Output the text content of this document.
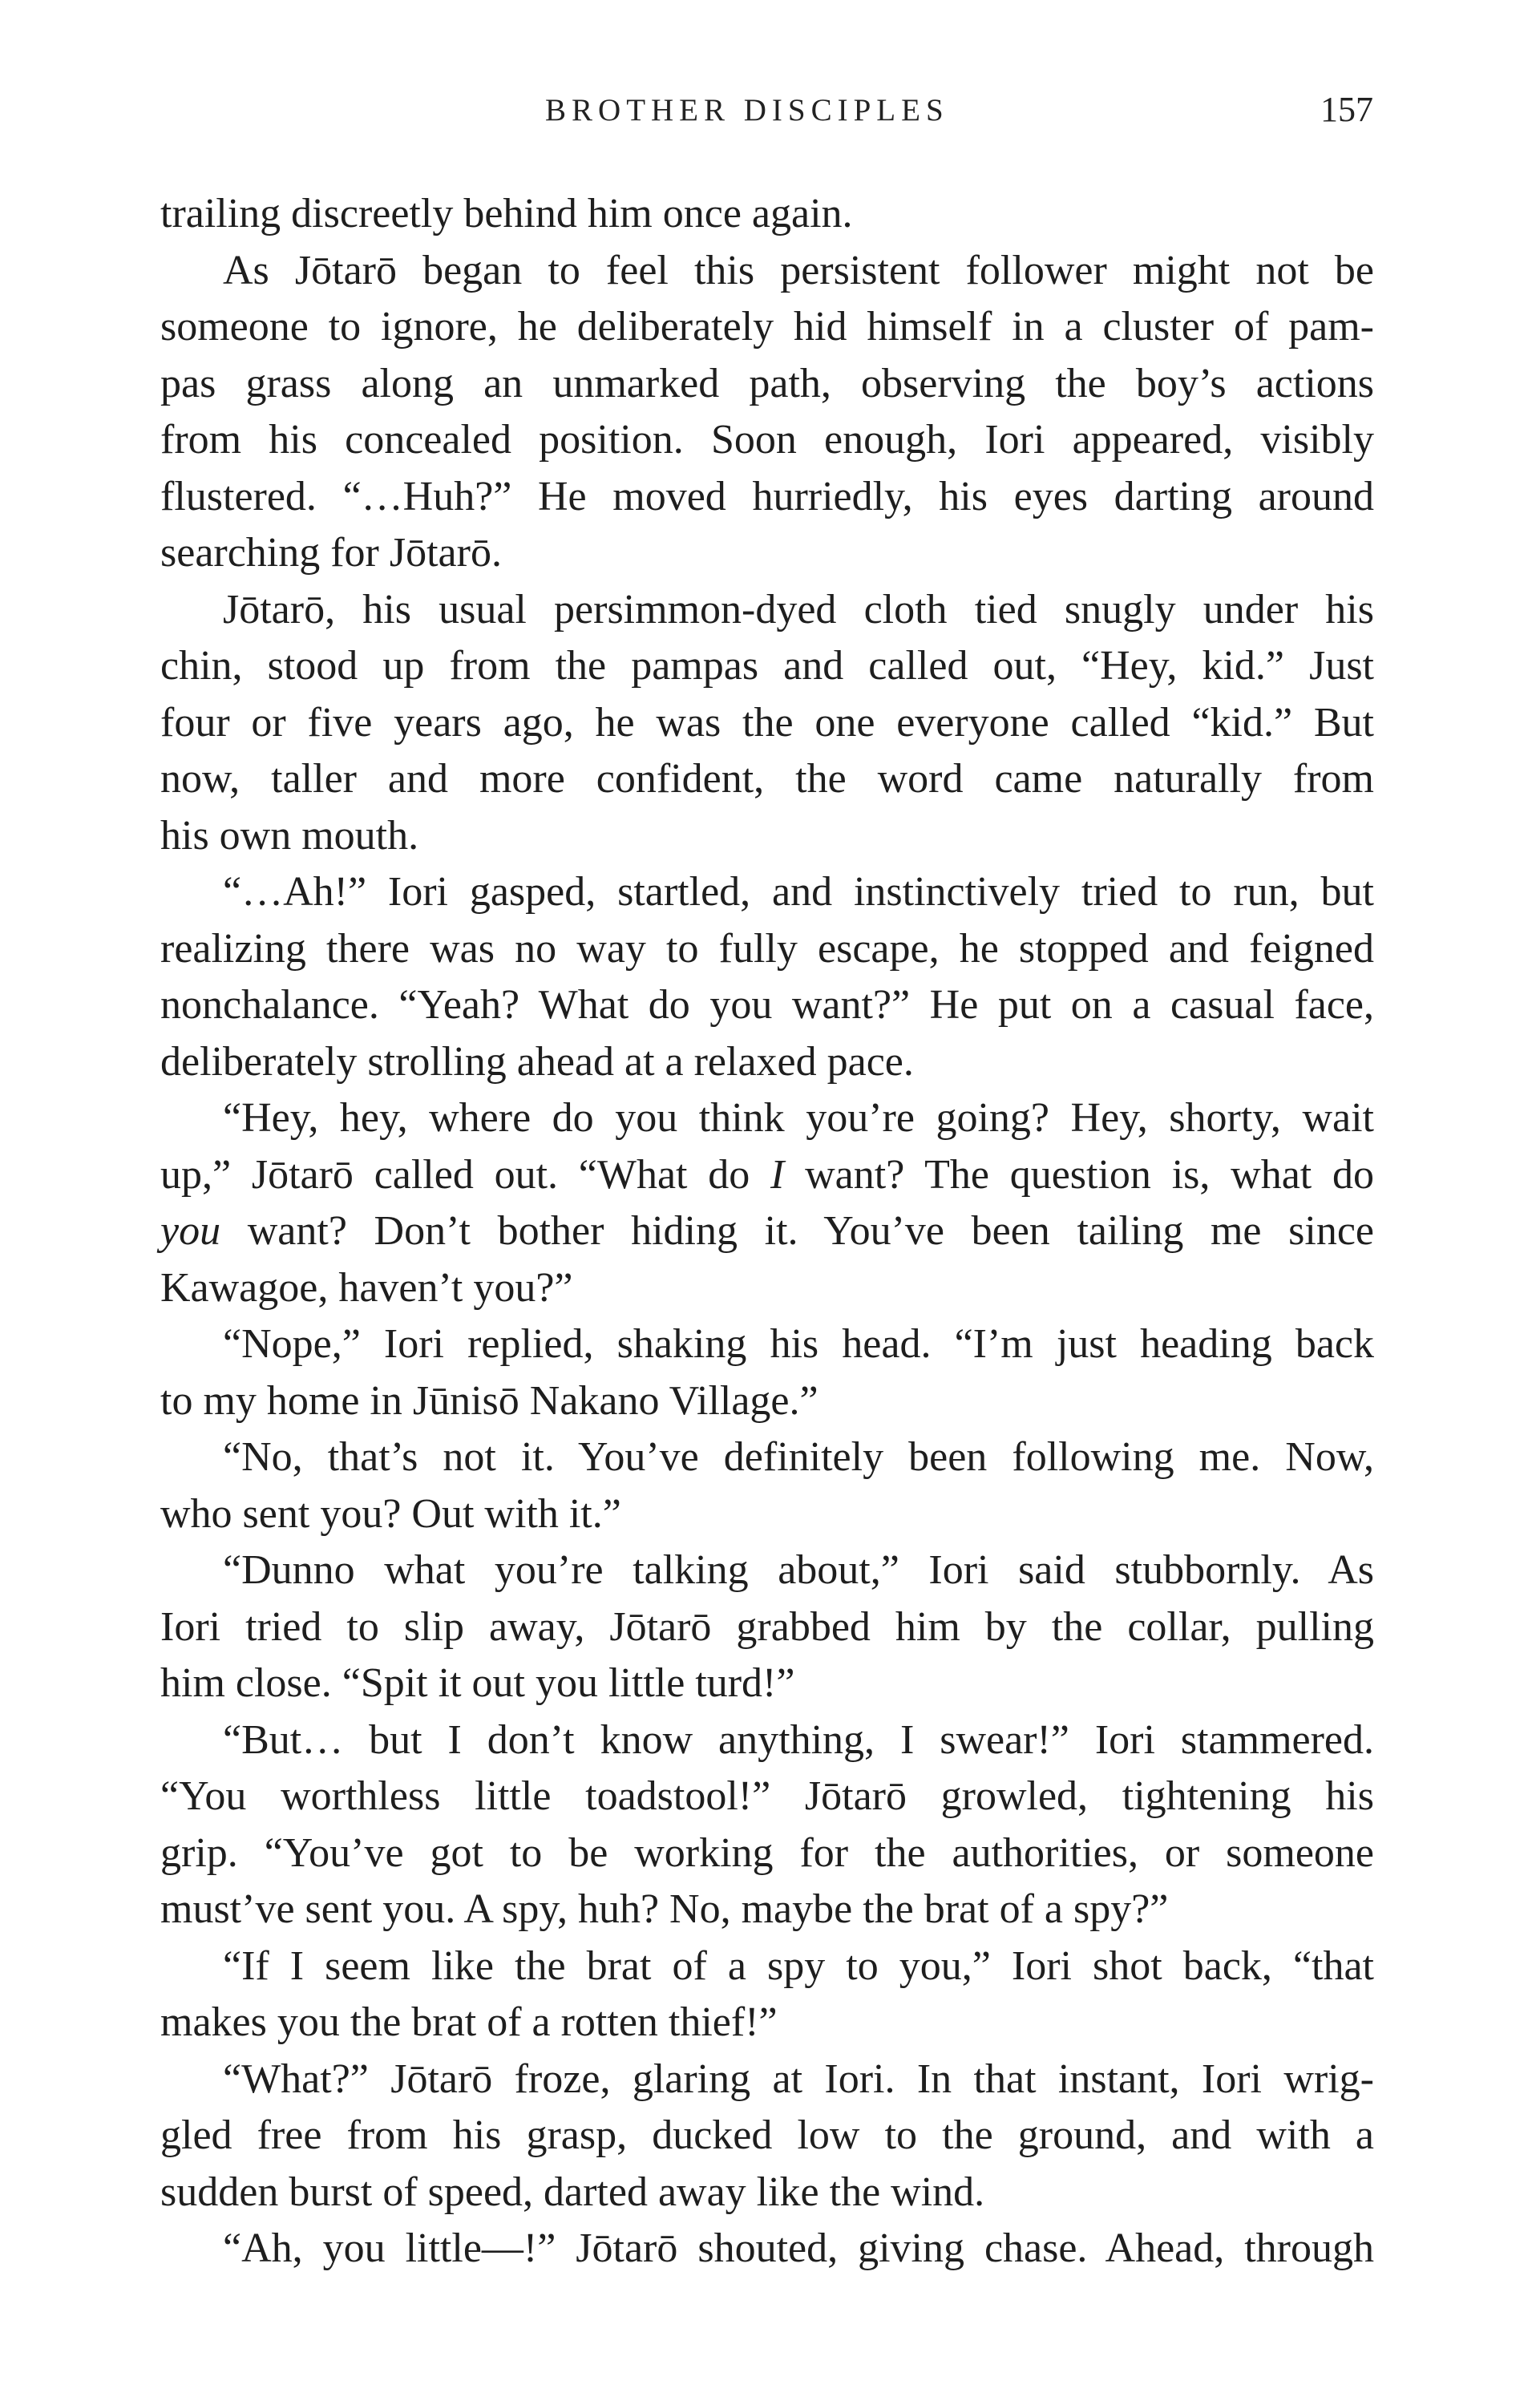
BROTHER DISCIPLES	157
trailing discreetly behind him once again.
As Jōtarō began to feel this persistent follower might not be
someone to ignore, he deliberately hid himself in a cluster of pam-
pas grass along an unmarked path, observing the boy’s actions
from his concealed position. Soon enough, Iori appeared, visibly
flustered. “…Huh?” He moved hurriedly, his eyes darting around
searching for Jōtarō.
Jōtarō, his usual persimmon-dyed cloth tied snugly under his
chin, stood up from the pampas and called out, “Hey, kid.” Just
four or five years ago, he was the one everyone called “kid.” But
now, taller and more confident, the word came naturally from
his own mouth.
“…Ah!” Iori gasped, startled, and instinctively tried to run, but
realizing there was no way to fully escape, he stopped and feigned
nonchalance. “Yeah? What do you want?” He put on a casual face,
deliberately strolling ahead at a relaxed pace.
“Hey, hey, where do you think you’re going? Hey, shorty, wait
up,” Jōtarō called out. “What do I want? The question is, what do
you want? Don’t bother hiding it. You’ve been tailing me since
Kawagoe, haven’t you?”
“Nope,” Iori replied, shaking his head. “I’m just heading back
to my home in Jūnisō Nakano Village.”
“No, that’s not it. You’ve definitely been following me. Now,
who sent you? Out with it.”
“Dunno what you’re talking about,” Iori said stubbornly. As
Iori tried to slip away, Jōtarō grabbed him by the collar, pulling
him close. “Spit it out you little turd!”
“But… but I don’t know anything, I swear!” Iori stammered.
“You worthless little toadstool!” Jōtarō growled, tightening his
grip. “You’ve got to be working for the authorities, or someone
must’ve sent you. A spy, huh? No, maybe the brat of a spy?”
“If I seem like the brat of a spy to you,” Iori shot back, “that
makes you the brat of a rotten thief!”
“What?” Jōtarō froze, glaring at Iori. In that instant, Iori wrig-
gled free from his grasp, ducked low to the ground, and with a
sudden burst of speed, darted away like the wind.
“Ah, you little—!” Jōtarō shouted, giving chase. Ahead, through
